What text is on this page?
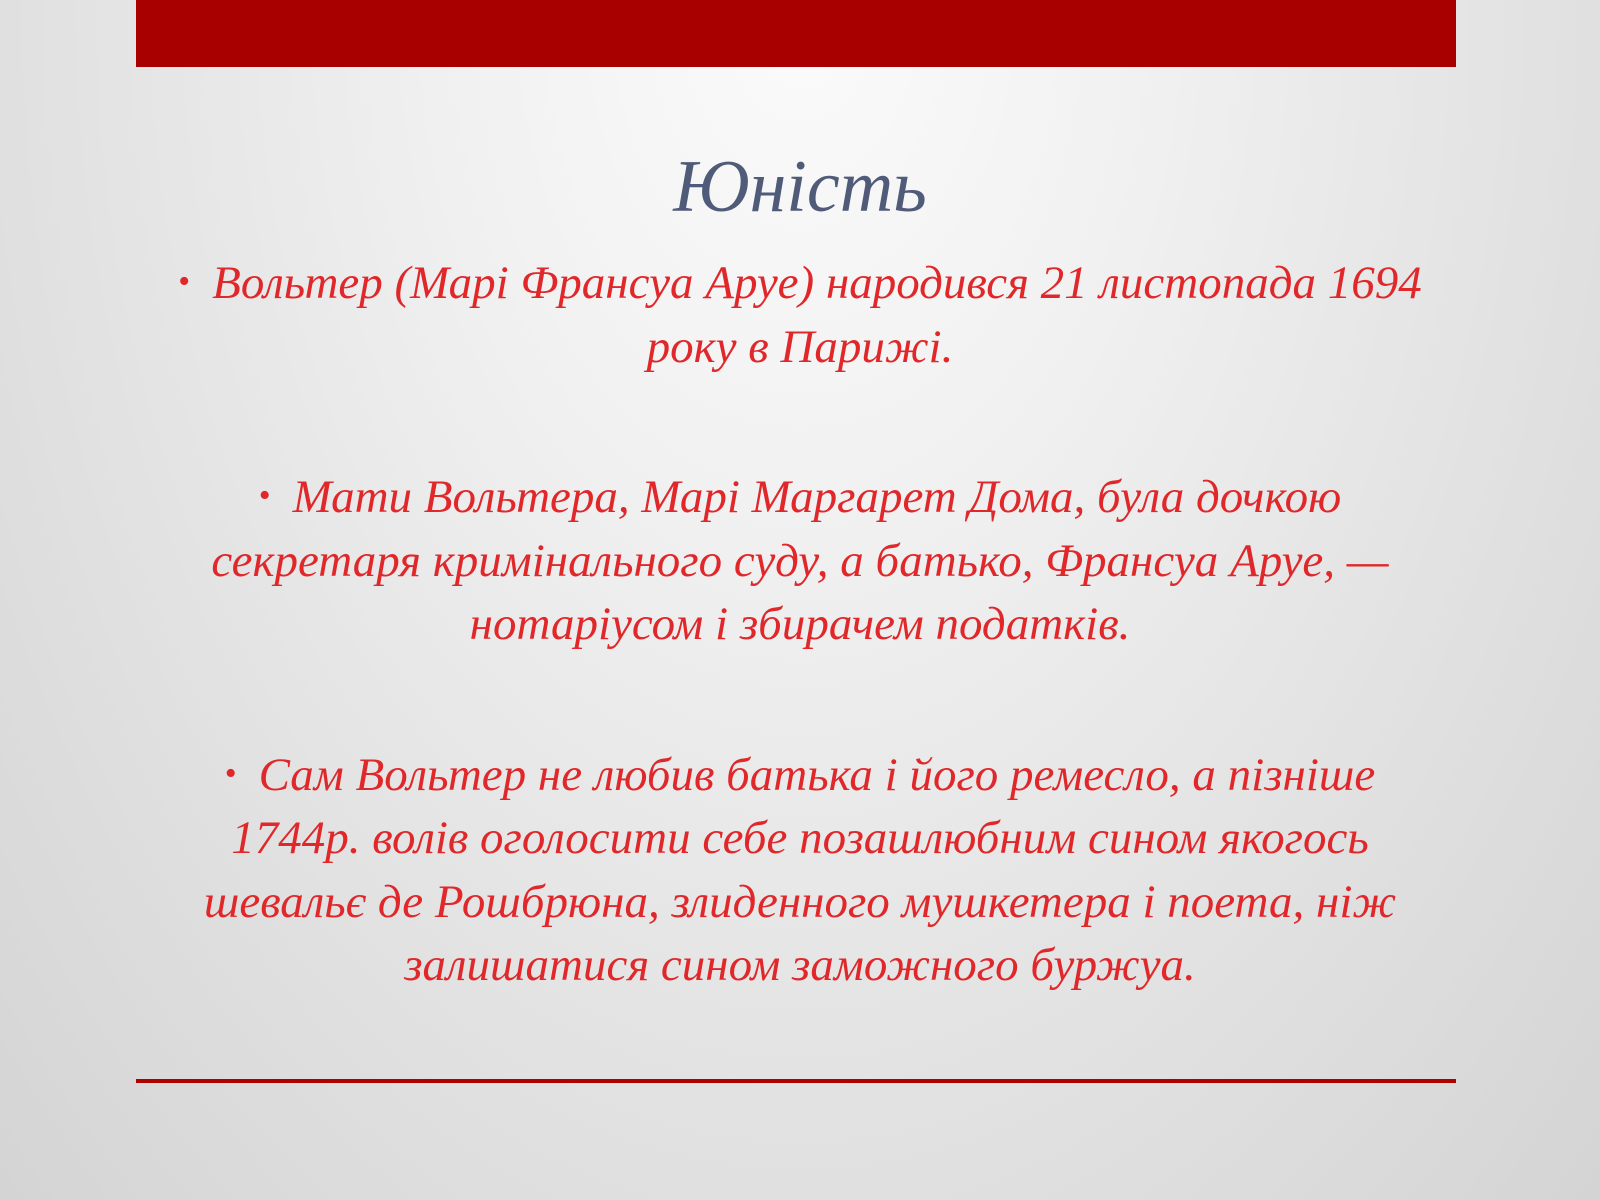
Юність
• Вольтер (Марі Франсуа Аруе) народився 21 листопада 1694 року в Парижі.
• Мати Вольтера, Марі Маргарет Дома, була дочкою секретаря кримінального суду, а батько, Франсуа Аруе, — нотаріусом і збирачем податків.
• Сам Вольтер не любив батька і його ремесло, а пізніше 1744р. волів оголосити себе позашлюбним сином якогось шевальє де Рошбрюна, злиденного мушкетера і поета, ніж залишатися сином заможного буржуа.
